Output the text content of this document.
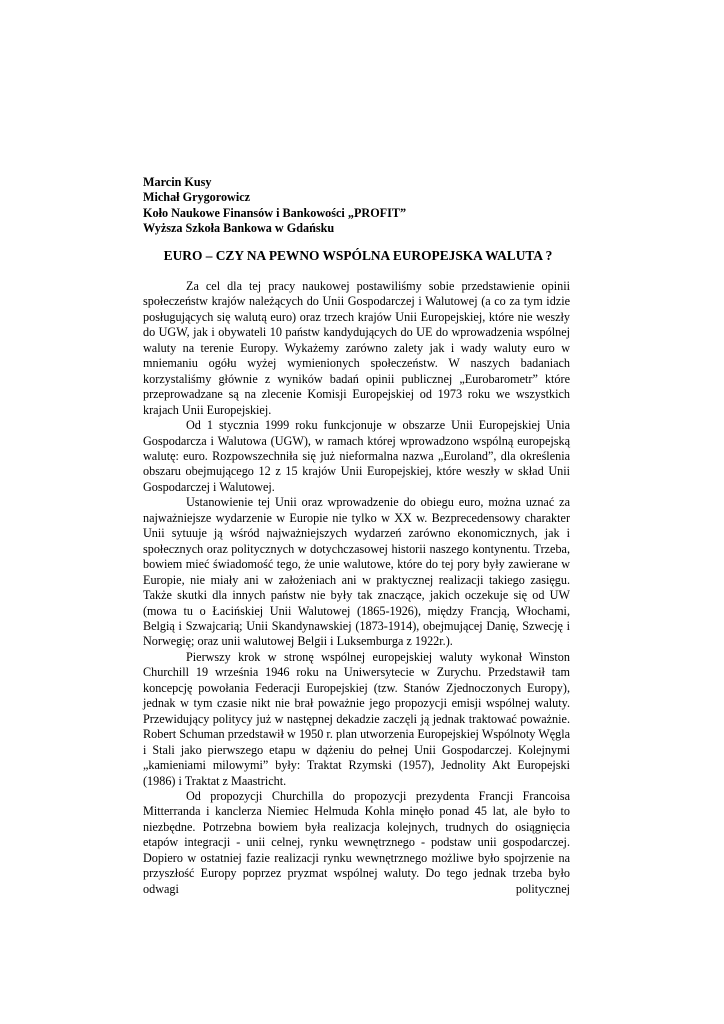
Marcin Kusy
Michał Grygorowicz
Koło Naukowe Finansów i Bankowości „PROFIT”
Wyższa Szkoła Bankowa w Gdańsku
EURO – CZY NA PEWNO WSPÓLNA EUROPEJSKA WALUTA ?

Za cel dla tej pracy naukowej postawiliśmy sobie przedstawienie opinii społeczeństw krajów należących do Unii Gospodarczej i Walutowej (a co za tym idzie posługujących się walutą euro) oraz trzech krajów Unii Europejskiej, które nie weszły do UGW, jak i obywateli 10 państw kandydujących do UE do wprowadzenia wspólnej waluty na terenie Europy. Wykażemy zarówno zalety jak i wady waluty euro w mniemaniu ogółu wyżej wymienionych społeczeństw. W naszych badaniach korzystaliśmy głównie z wyników badań opinii publicznej „Eurobarometr” które przeprowadzane są na zlecenie Komisji Europejskiej od 1973 roku we wszystkich krajach Unii Europejskiej.

Od 1 stycznia 1999 roku funkcjonuje w obszarze Unii Europejskiej Unia Gospodarcza i Walutowa (UGW), w ramach której wprowadzono wspólną europejską walutę: euro. Rozpowszechniła się już nieformalna nazwa „Euroland”, dla określenia obszaru obejmującego 12 z 15 krajów Unii Europejskiej, które weszły w skład Unii Gospodarczej i Walutowej.

Ustanowienie tej Unii oraz wprowadzenie do obiegu euro, można uznać za najważniejsze wydarzenie w Europie nie tylko w XX w. Bezprecedensowy charakter Unii sytuuje ją wśród najważniejszych wydarzeń zarówno ekonomicznych, jak i społecznych oraz politycznych w dotychczasowej historii naszego kontynentu. Trzeba, bowiem mieć świadomość tego, że unie walutowe, które do tej pory były zawierane w Europie, nie miały ani w założeniach ani w praktycznej realizacji takiego zasięgu. Także skutki dla innych państw nie były tak znaczące, jakich oczekuje się od UW (mowa tu o Łacińskiej Unii Walutowej (1865-1926), między Francją, Włochami, Belgią i Szwajcarią; Unii Skandynawskiej (1873-1914), obejmującej Danię, Szwecję i Norwegię; oraz unii walutowej Belgii i Luksemburga z 1922r.).

Pierwszy krok w stronę wspólnej europejskiej waluty wykonał Winston Churchill 19 września 1946 roku na Uniwersytecie w Zurychu. Przedstawił tam koncepcję powołania Federacji Europejskiej (tzw. Stanów Zjednoczonych Europy), jednak w tym czasie nikt nie brał poważnie jego propozycji emisji wspólnej waluty. Przewidujący politycy już w następnej dekadzie zaczęli ją jednak traktować poważnie. Robert Schuman przedstawił w 1950 r. plan utworzenia Europejskiej Wspólnoty Węgla i Stali jako pierwszego etapu w dążeniu do pełnej Unii Gospodarczej. Kolejnymi „kamieniami milowymi” były: Traktat Rzymski (1957), Jednolity Akt Europejski (1986) i Traktat z Maastricht.

Od propozycji Churchilla do propozycji prezydenta Francji Francoisa Mitterranda i kanclerza Niemiec Helmuda Kohla minęło ponad 45 lat, ale było to niezbędne. Potrzebna bowiem była realizacja kolejnych, trudnych do osiągnięcia etapów integracji - unii celnej, rynku wewnętrznego - podstaw unii gospodarczej. Dopiero w ostatniej fazie realizacji rynku wewnętrznego możliwe było spojrzenie na przyszłość Europy poprzez pryzmat wspólnej waluty. Do tego jednak trzeba było odwagi politycznej
